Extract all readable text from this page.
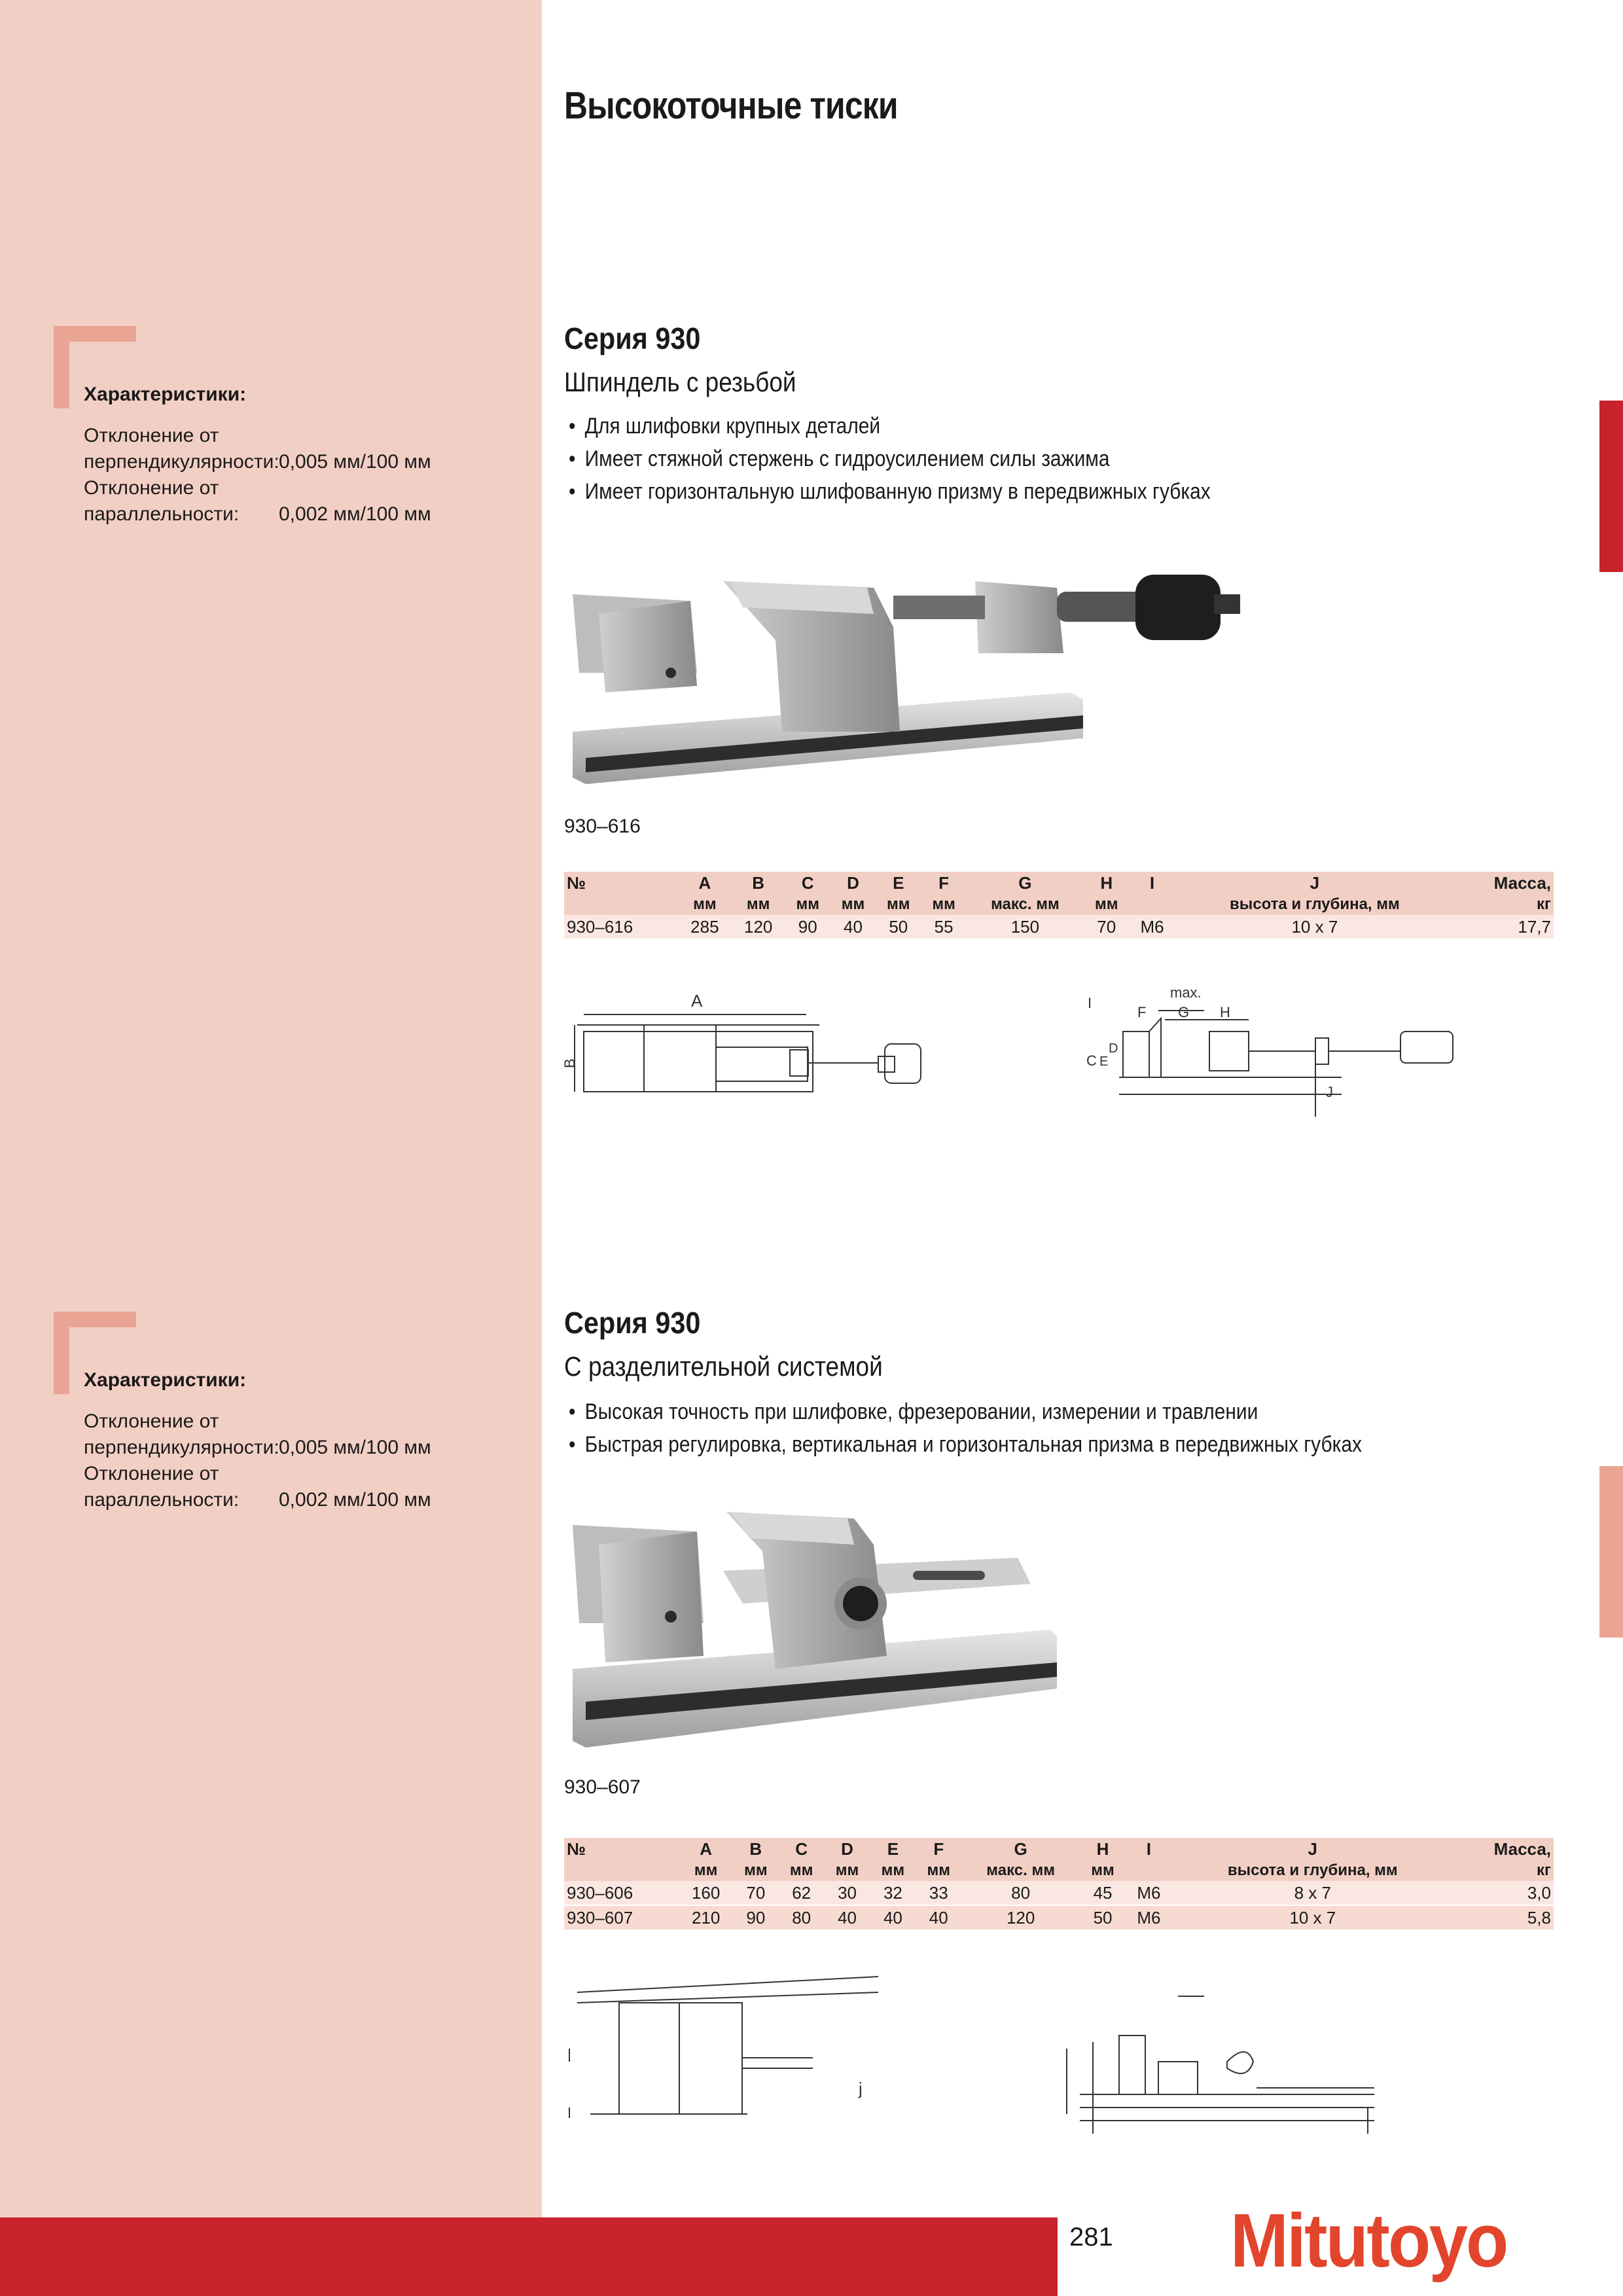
281 Mitutoyo
Высокоточные тиски
Характеристики:
Отклонение от
перпендикулярности: 0,005 мм/100 мм
Отклонение от
параллельности: 0,002 мм/100 мм
Серия 930
Шпиндель с резьбой
• Для шлифовки крупных деталей
• Имеет стяжной стержень с гидроусилением силы зажима
• Имеет горизонтальную шлифованную призму в передвижных губках
930–616
№	A	B	C	D	E	F	G	H	I	J	Масса,
	мм	мм	мм	мм	мм	мм	макс. мм	мм		высота и глубина, мм	кг
930–616	285	120	90	40	50	55	150	70	M6	10 x 7	17,7
A
B
max.
F G H
I
C E
D
J
Характеристики:
Отклонение от
перпендикулярности: 0,005 мм/100 мм
Отклонение от
параллельности: 0,002 мм/100 мм
Серия 930
С разделительной системой
• Высокая точность при шлифовке, фрезеровании, измерении и травлении
• Быстрая регулировка, вертикальная и горизонтальная призма в передвижных губках
930–607
№	A	B	C	D	E	F	G	H	I	J	Масса,
	мм	мм	мм	мм	мм	мм	макс. мм	мм		высота и глубина, мм	кг
930–606	160	70	62	30	32	33	80	45	M6	8 x 7	3,0
930–607	210	90	80	40	40	40	120	50	M6	10 x 7	5,8
j
